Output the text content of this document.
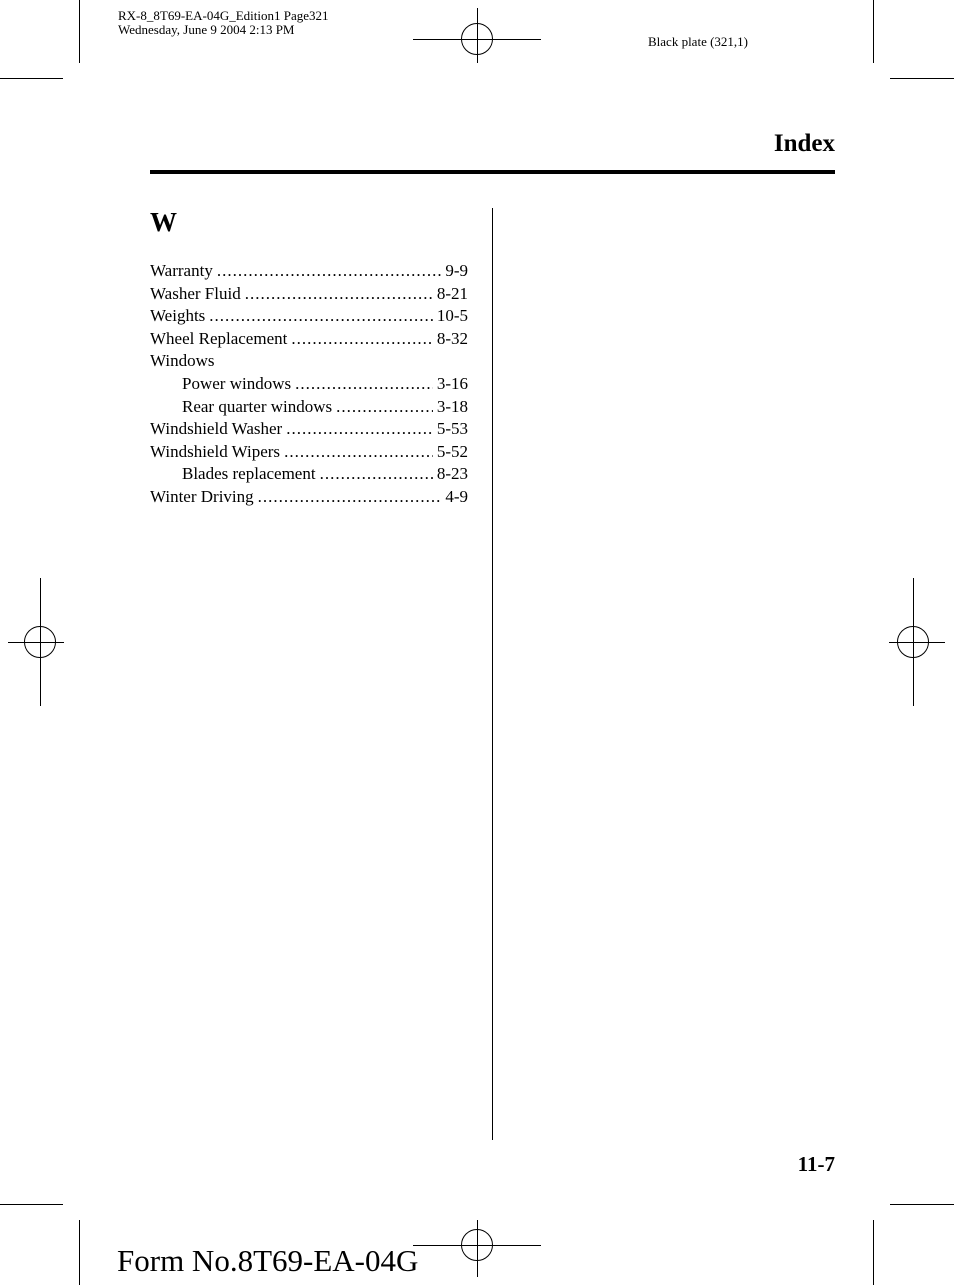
RX-8_8T69-EA-04G_Edition1 Page321
Wednesday, June 9 2004 2:13 PM
Black plate (321,1)
Index
W
Warranty .....	9-9
Washer Fluid .....	8-21
Weights .....	10-5
Wheel Replacement .....	8-32
Windows
Power windows .....	3-16
Rear quarter windows .....	3-18
Windshield Washer .....	5-53
Windshield Wipers .....	5-52
Blades replacement .....	8-23
Winter Driving .....	4-9
11-7
Form No.8T69-EA-04G
